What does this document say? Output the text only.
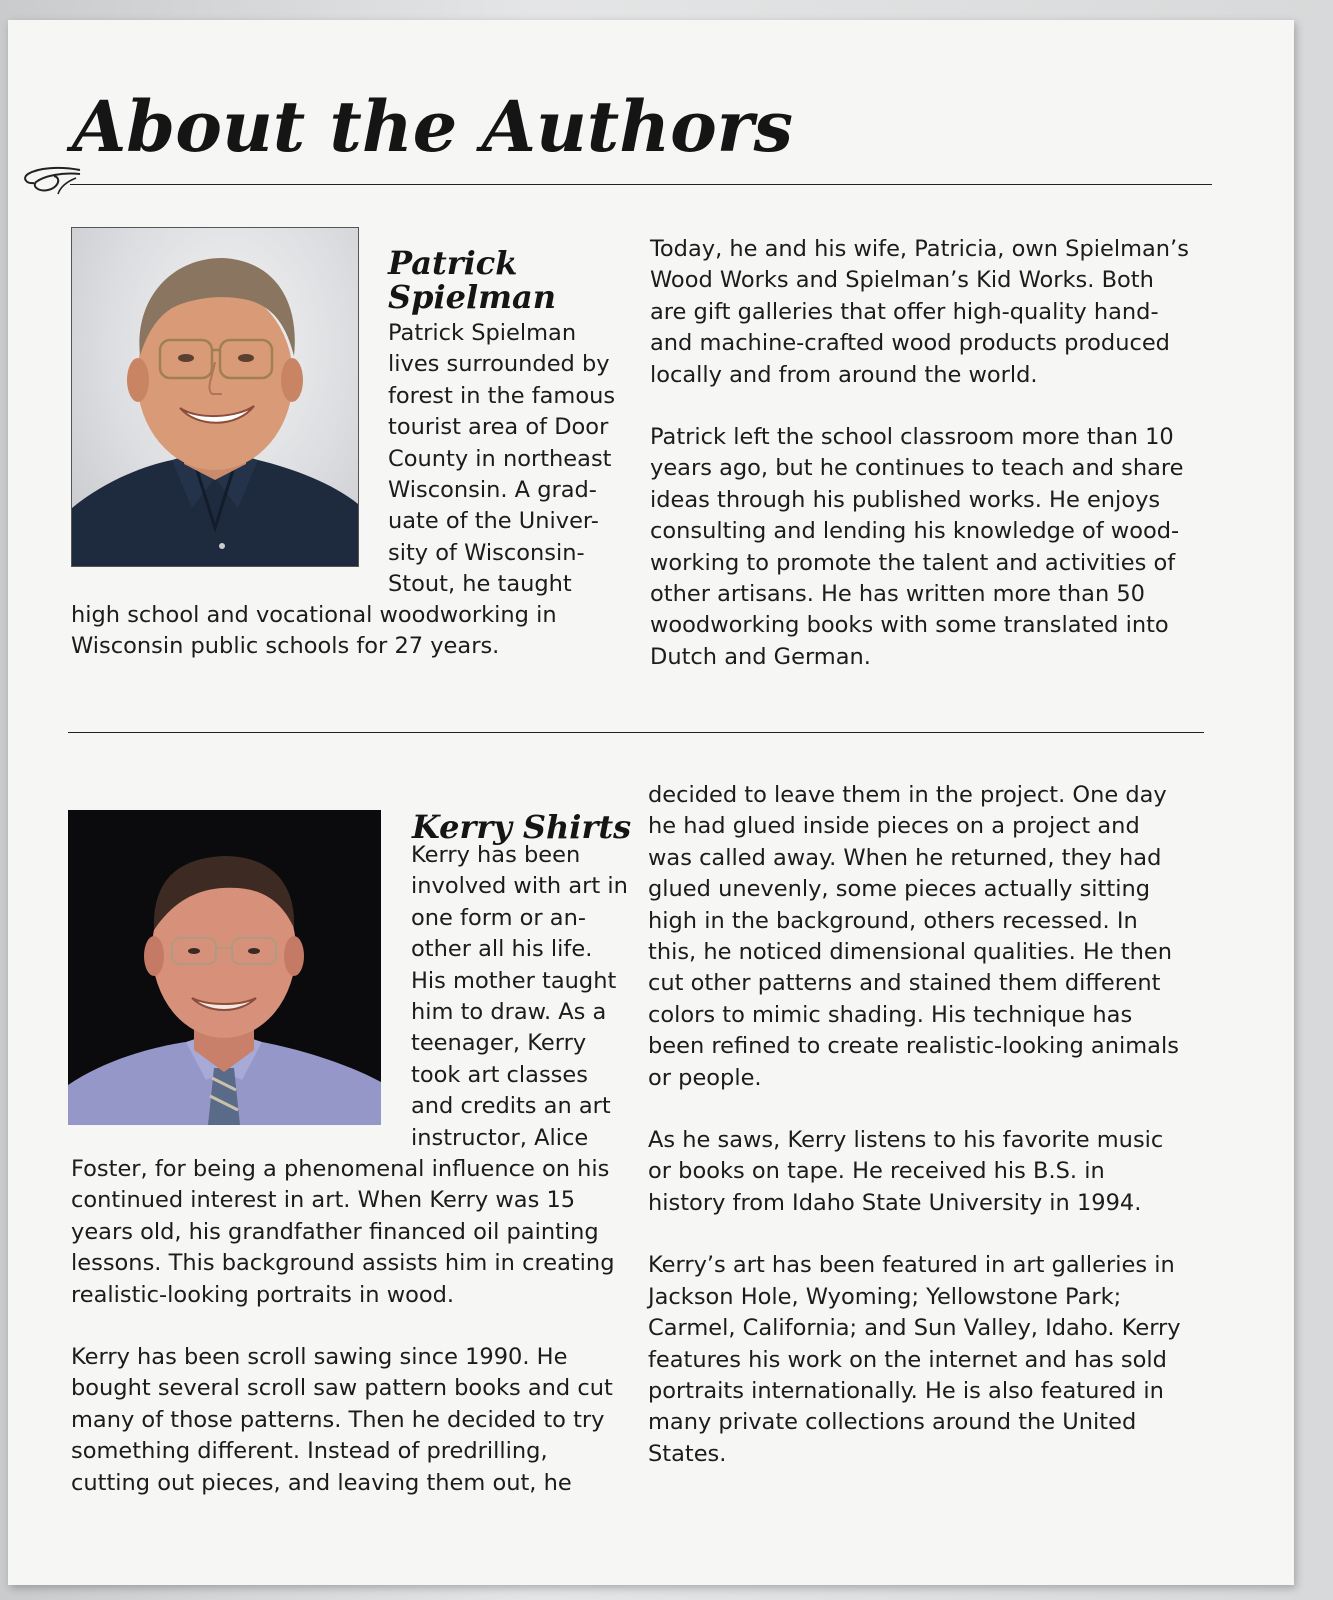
About the Authors
Patrick
Spielman
Patrick Spielman
lives surrounded by
forest in the famous
tourist area of Door
County in northeast
Wisconsin. A grad-
uate of the Univer-
sity of Wisconsin-
Stout, he taught
high school and vocational woodworking in
Wisconsin public schools for 27 years.
Today, he and his wife, Patricia, own Spielman’s
Wood Works and Spielman’s Kid Works. Both
are gift galleries that offer high-quality hand-
and machine-crafted wood products produced
locally and from around the world.
Patrick left the school classroom more than 10
years ago, but he continues to teach and share
ideas through his published works. He enjoys
consulting and lending his knowledge of wood-
working to promote the talent and activities of
other artisans. He has written more than 50
woodworking books with some translated into
Dutch and German.
Kerry Shirts
Kerry has been
involved with art in
one form or an-
other all his life.
His mother taught
him to draw. As a
teenager, Kerry
took art classes
and credits an art
instructor, Alice
Foster, for being a phenomenal influence on his
continued interest in art. When Kerry was 15
years old, his grandfather financed oil painting
lessons. This background assists him in creating
realistic-looking portraits in wood.
Kerry has been scroll sawing since 1990. He
bought several scroll saw pattern books and cut
many of those patterns. Then he decided to try
something different. Instead of predrilling,
cutting out pieces, and leaving them out, he
decided to leave them in the project. One day
he had glued inside pieces on a project and
was called away. When he returned, they had
glued unevenly, some pieces actually sitting
high in the background, others recessed. In
this, he noticed dimensional qualities. He then
cut other patterns and stained them different
colors to mimic shading. His technique has
been refined to create realistic-looking animals
or people.
As he saws, Kerry listens to his favorite music
or books on tape. He received his B.S. in
history from Idaho State University in 1994.
Kerry’s art has been featured in art galleries in
Jackson Hole, Wyoming; Yellowstone Park;
Carmel, California; and Sun Valley, Idaho. Kerry
features his work on the internet and has sold
portraits internationally. He is also featured in
many private collections around the United
States.
